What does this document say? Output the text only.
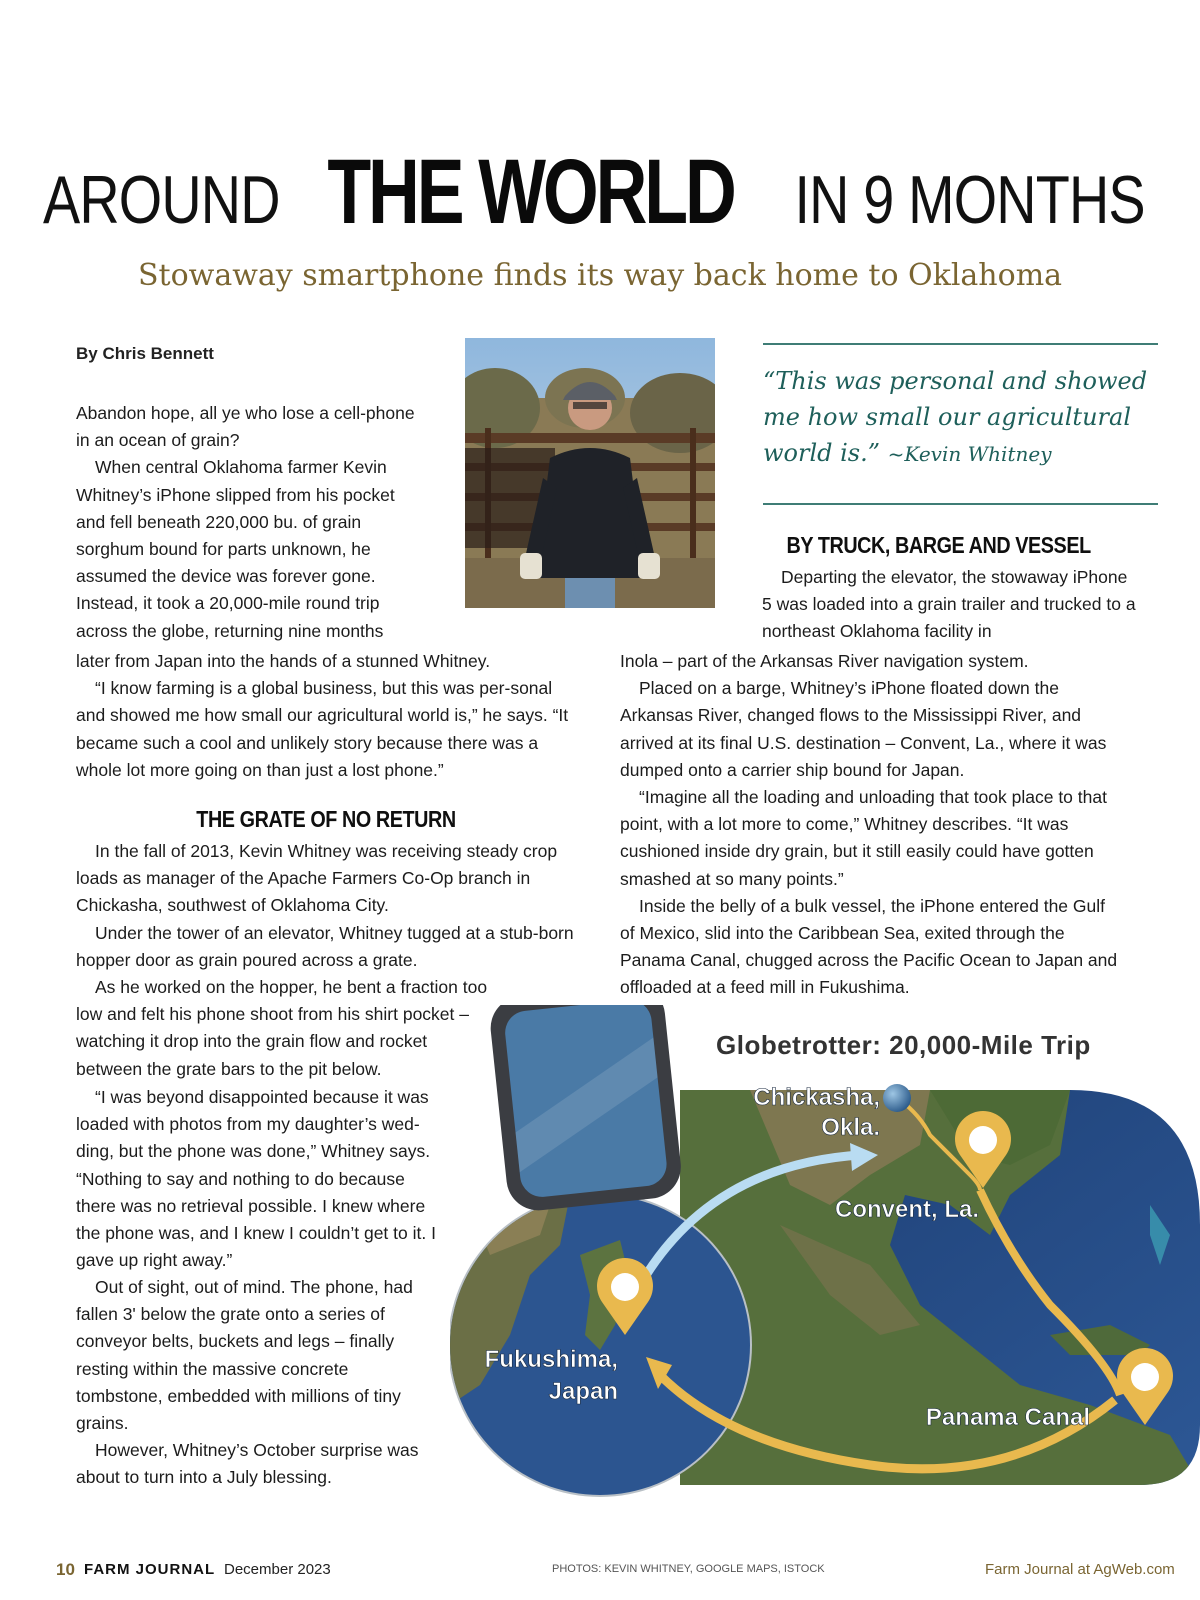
AROUND THE WORLD IN 9 MONTHS
Stowaway smartphone finds its way back home to Oklahoma
By Chris Bennett

Abandon hope, all ye who lose a cell-phone in an ocean of grain?

When central Oklahoma farmer Kevin Whitney’s iPhone slipped from his pocket and fell beneath 220,000 bu. of grain sorghum bound for parts unknown, he assumed the device was forever gone. Instead, it took a 20,000-mile round trip across the globe, returning nine months

later from Japan into the hands of a stunned Whitney.

“I know farming is a global business, but this was per-sonal and showed me how small our agricultural world is,” he says. “It became such a cool and unlikely story because there was a whole lot more going on than just a lost phone.”

THE GRATE OF NO RETURN

In the fall of 2013, Kevin Whitney was receiving steady crop loads as manager of the Apache Farmers Co-Op branch in Chickasha, southwest of Oklahoma City.

Under the tower of an elevator, Whitney tugged at a stub-born hopper door as grain poured across a grate.

As he worked on the hopper, he bent a fraction too low and felt his phone shoot from his shirt pocket – watching it drop into the grain flow and rocket between the grate bars to the pit below.

“I was beyond disappointed because it was loaded with photos from my daughter’s wed-ding, but the phone was done,” Whitney says. “Nothing to say and nothing to do because there was no retrieval possible. I knew where the phone was, and I knew I couldn’t get to it. I gave up right away.”

Out of sight, out of mind. The phone, had fallen 3' below the grate onto a series of conveyor belts, buckets and legs – finally resting within the massive concrete tombstone, embedded with millions of tiny grains.

However, Whitney’s October surprise was about to turn into a July blessing.

“This was personal and showed me how small our agricultural world is.” ~Kevin Whitney
BY TRUCK, BARGE AND VESSEL

Departing the elevator, the stowaway iPhone 5 was loaded into a grain trailer and trucked to a northeast Oklahoma facility in

Inola – part of the Arkansas River navigation system.

Placed on a barge, Whitney’s iPhone floated down the Arkansas River, changed flows to the Mississippi River, and arrived at its final U.S. destination – Convent, La., where it was dumped onto a carrier ship bound for Japan.

“Imagine all the loading and unloading that took place to that point, with a lot more to come,” Whitney describes. “It was cushioned inside dry grain, but it still easily could have gotten smashed at so many points.”

Inside the belly of a bulk vessel, the iPhone entered the Gulf of Mexico, slid into the Caribbean Sea, exited through the Panama Canal, chugged across the Pacific Ocean to Japan and offloaded at a feed mill in Fukushima.

Globetrotter: 20,000-Mile Trip
Chickasha,
Okla.
Convent, La.
Fukushima,
Japan
Panama Canal
10 FARM JOURNAL December 2023	PHOTOS: KEVIN WHITNEY, GOOGLE MAPS, ISTOCK	Farm Journal at AgWeb.com
